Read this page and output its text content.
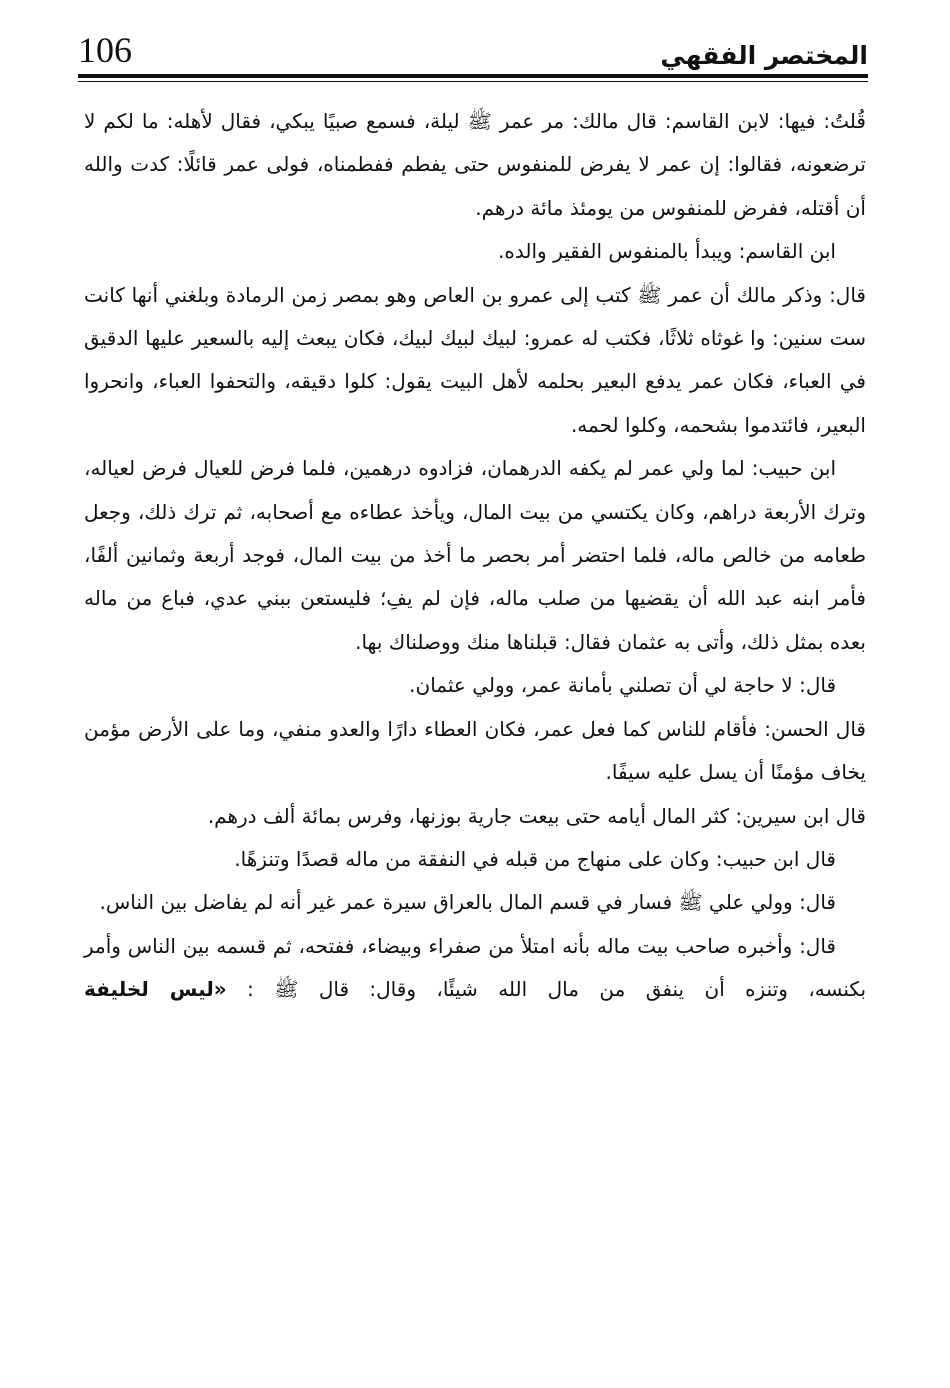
106	المختصر الفقهي

قُلتُ: فيها: لابن القاسم: قال مالك: مر عمر ﷺ ليلة، فسمع صبيًا يبكي، فقال لأهله: ما لكم لا ترضعونه، فقالوا: إن عمر لا يفرض للمنفوس حتى يفطم ففطمناه، فولى عمر قائلًا: كدت والله أن أقتله، ففرض للمنفوس من يومئذ مائة درهم.

ابن القاسم: ويبدأ بالمنفوس الفقير والده.

قال: وذكر مالك أن عمر ﷺ كتب إلى عمرو بن العاص وهو بمصر زمن الرمادة وبلغني أنها كانت ست سنين: وا غوثاه ثلاثًا، فكتب له عمرو: لبيك لبيك لبيك، فكان يبعث إليه بالسعير عليها الدقيق في العباء، فكان عمر يدفع البعير بحلمه لأهل البيت يقول: كلوا دقيقه، والتحفوا العباء، وانحروا البعير، فائتدموا بشحمه، وكلوا لحمه.

ابن حبيب: لما ولي عمر لم يكفه الدرهمان، فزادوه درهمين، فلما فرض للعيال فرض لعياله، وترك الأربعة دراهم، وكان يكتسي من بيت المال، ويأخذ عطاءه مع أصحابه، ثم ترك ذلك، وجعل طعامه من خالص ماله، فلما احتضر أمر بحصر ما أخذ من بيت المال، فوجد أربعة وثمانين ألفًا، فأمر ابنه عبد الله أن يقضيها من صلب ماله، فإن لم يفِ؛ فليستعن ببني عدي، فباع من ماله بعده بمثل ذلك، وأتى به عثمان فقال: قبلناها منك ووصلناك بها.

قال: لا حاجة لي أن تصلني بأمانة عمر، وولي عثمان.

قال الحسن: فأقام للناس كما فعل عمر، فكان العطاء دارًا والعدو منفي، وما على الأرض مؤمن يخاف مؤمنًا أن يسل عليه سيفًا.

قال ابن سيرين: كثر المال أيامه حتى بيعت جارية بوزنها، وفرس بمائة ألف درهم.

قال ابن حبيب: وكان على منهاج من قبله في النفقة من ماله قصدًا وتنزهًا.

قال: وولي علي ﷺ فسار في قسم المال بالعراق سيرة عمر غير أنه لم يفاضل بين الناس.

قال: وأخبره صاحب بيت ماله بأنه امتلأ من صفراء وبيضاء، ففتحه، ثم قسمه بين الناس وأمر بكنسه، وتنزه أن ينفق من مال الله شيئًا، وقال: قال ﷺ : «ليس لخليفة
